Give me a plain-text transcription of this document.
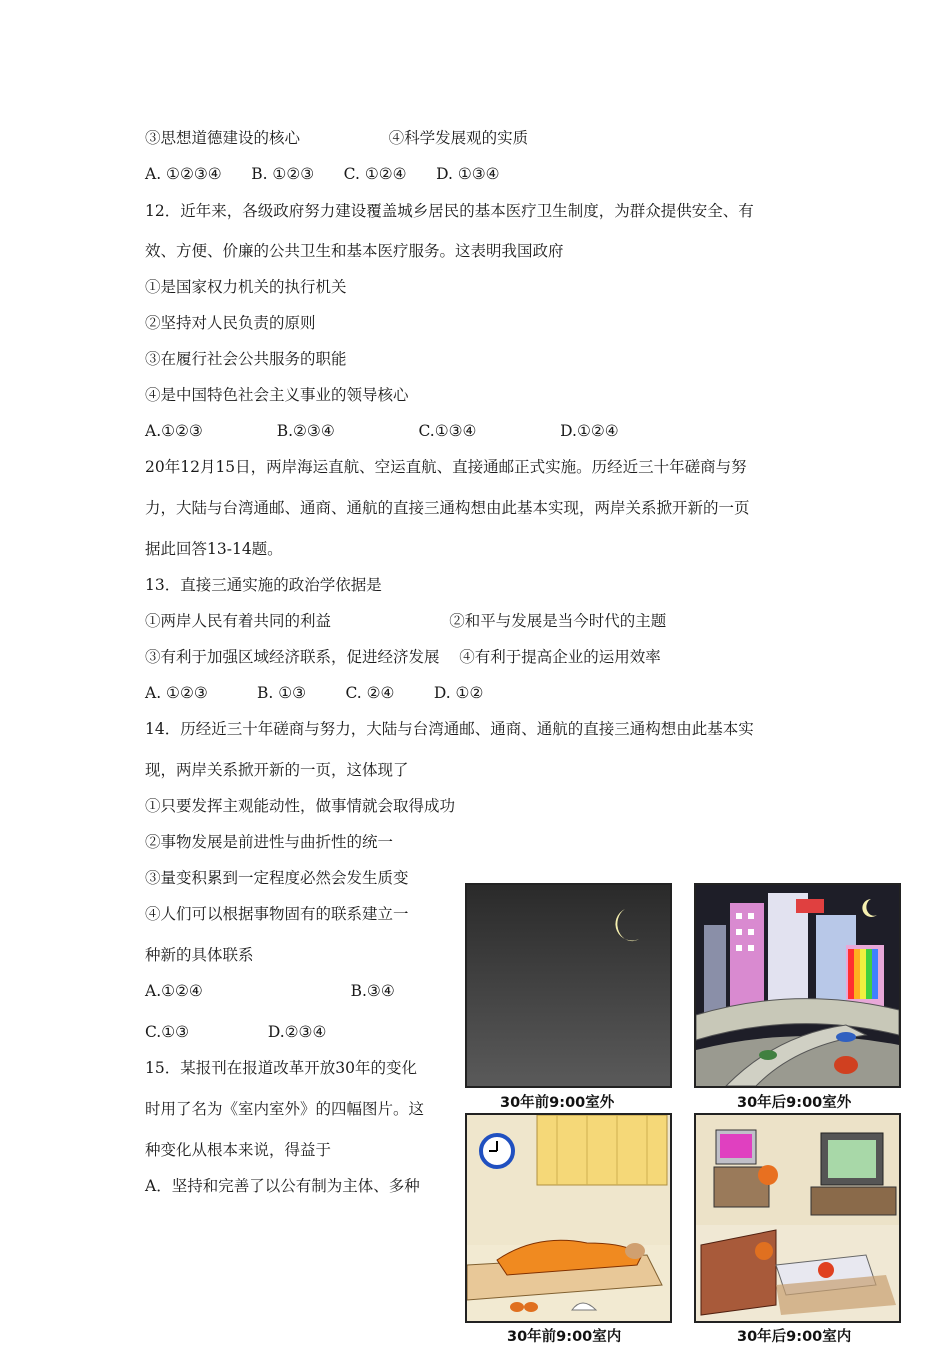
③思想道德建设的核心                  ④科学发展观的实质
A. ①②③④      B. ①②③      C. ①②④      D. ①③④
12．近年来，各级政府努力建设覆盖城乡居民的基本医疗卫生制度，为群众提供安全、有
效、方便、价廉的公共卫生和基本医疗服务。这表明我国政府
①是国家权力机关的执行机关
②坚持对人民负责的原则
③在履行社会公共服务的职能
④是中国特色社会主义事业的领导核心
A.①②③               B.②③④                 C.①③④                 D.①②④
20年12月15日，两岸海运直航、空运直航、直接通邮正式实施。历经近三十年磋商与努
力，大陆与台湾通邮、通商、通航的直接三通构想由此基本实现，两岸关系掀开新的一页
据此回答13-14题。
13．直接三通实施的政治学依据是
①两岸人民有着共同的利益                        ②和平与发展是当今时代的主题
③有利于加强区域经济联系，促进经济发展    ④有利于提高企业的运用效率
A. ①②③          B. ①③        C. ②④        D. ①②
14．历经近三十年磋商与努力，大陆与台湾通邮、通商、通航的直接三通构想由此基本实
现，两岸关系掀开新的一页，这体现了
①只要发挥主观能动性，做事情就会取得成功
②事物发展是前进性与曲折性的统一
③量变积累到一定程度必然会发生质变
④人们可以根据事物固有的联系建立一
种新的具体联系
A.①②④                              B.③④
C.①③                D.②③④
15．某报刊在报道改革开放30年的变化
时用了名为《室内室外》的四幅图片。这
种变化从根本来说，得益于
A．坚持和完善了以公有制为主体、多种
30年前9:00室外	30年后9:00室外
30年前9:00室内	30年后9:00室内
